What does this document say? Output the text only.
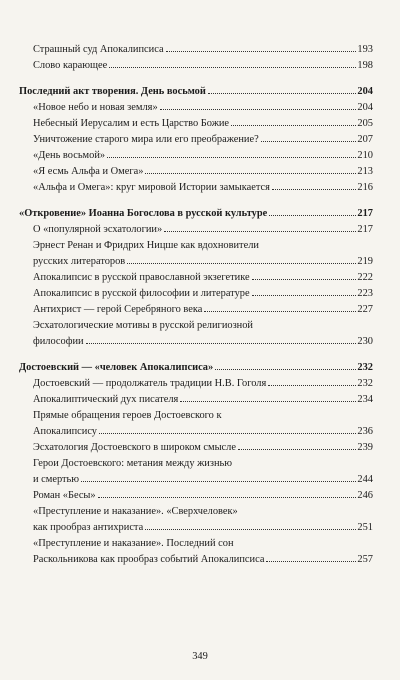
Страшный суд Апокалипсиса	193
Слово карающее	198
Последний акт творения. День восьмой	204
«Новое небо и новая земля»	204
Небесный Иерусалим и есть Царство Божие	205
Уничтожение старого мира или его преображение?	207
«День восьмой»	210
«Я есмь Альфа и Омега»	213
«Альфа и Омега»: круг мировой Истории замыкается	216
«Откровение» Иоанна Богослова в русской культуре	217
О «популярной эсхатологии»	217
Эрнест Ренан и Фридрих Ницше как вдохновители
русских литераторов	219
Апокалипсис в русской православной экзегетике	222
Апокалипсис в русской философии и литературе	223
Антихрист — герой Серебряного века	227
Эсхатологические мотивы в русской религиозной
философии	230
Достоевский — «человек Апокалипсиса»	232
Достоевский — продолжатель традиции Н.В. Гоголя	232
Апокалиптический дух писателя	234
Прямые обращения героев Достоевского к
Апокалипсису	236
Эсхатология Достоевского в широком смысле	239
Герои Достоевского: метания между жизнью
и смертью	244
Роман «Бесы»	246
«Преступление и наказание». «Сверхчеловек»
как прообраз антихриста	251
«Преступление и наказание». Последний сон
Раскольникова как прообраз событий Апокалипсиса	257
349
